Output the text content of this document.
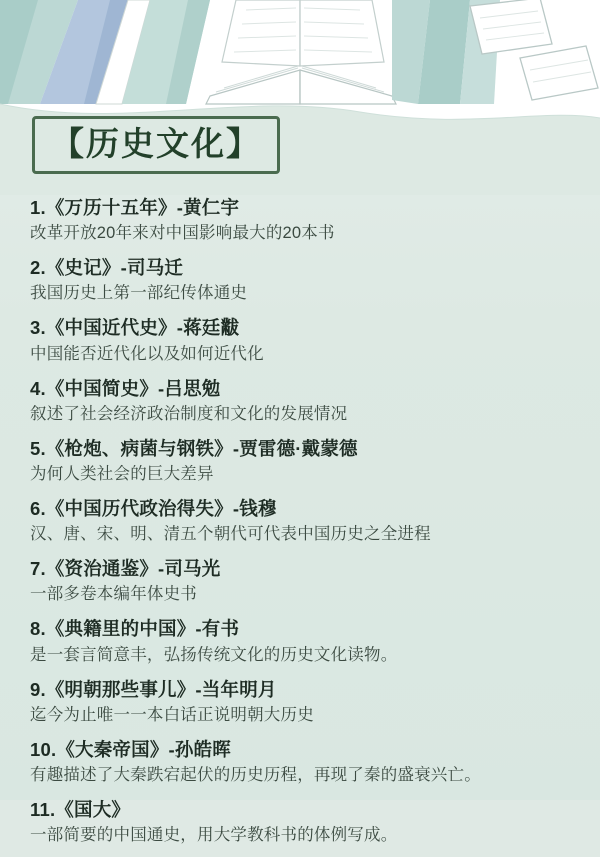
【历史文化】
1.《万历十五年》-黄仁宇
改革开放20年来对中国影响最大的20本书
2.《史记》-司马迁
我国历史上第一部纪传体通史
3.《中国近代史》-蒋廷黻
中国能否近代化以及如何近代化
4.《中国简史》-吕思勉
叙述了社会经济政治制度和文化的发展情况
5.《枪炮、病菌与钢铁》-贾雷德·戴蒙德
为何人类社会的巨大差异
6.《中国历代政治得失》-钱穆
汉、唐、宋、明、清五个朝代可代表中国历史之全进程
7.《资治通鉴》-司马光
一部多卷本编年体史书
8.《典籍里的中国》-有书
是一套言简意丰，弘扬传统文化的历史文化读物。
9.《明朝那些事儿》-当年明月
迄今为止唯一一本白话正说明朝大历史
10.《大秦帝国》-孙皓晖
有趣描述了大秦跌宕起伏的历史历程，再现了秦的盛衰兴亡。
11.《国大》
一部简要的中国通史，用大学教科书的体例写成。
